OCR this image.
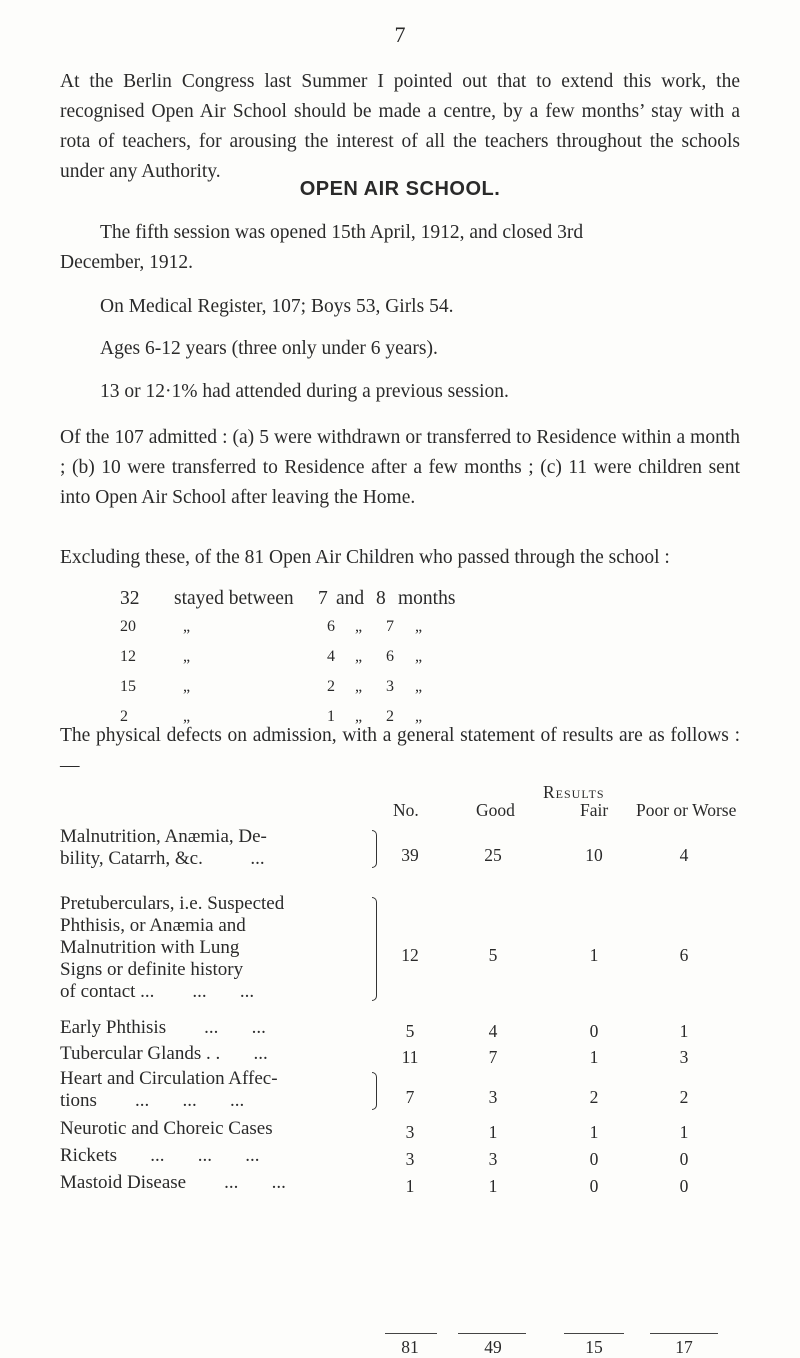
7
At the Berlin Congress last Summer I pointed out that to extend this work, the recognised Open Air School should be made a centre, by a few months’ stay with a rota of teachers, for arousing the interest of all the teachers throughout the schools under any Authority.
OPEN AIR SCHOOL.
The fifth session was opened 15th April, 1912, and closed 3rd
December, 1912.
On Medical Register, 107; Boys 53, Girls 54.
Ages 6-12 years (three only under 6 years).
13 or 12·1% had attended during a previous session.
Of the 107 admitted : (a) 5 were withdrawn or transferred to Residence within a month ; (b) 10 were transferred to Residence after a few months ; (c) 11 were children sent into Open Air School after leaving the Home.
Excluding these, of the 81 Open Air Children who passed through the school :
32 stayed between 7 and 8 months
20	„	6 „ 7 „
12	„	4 „ 6 „
15	„	2 „ 3 „
2	„	1 „ 2 „
The physical defects on admission, with a general statement of results are as follows :—
Results
No.	Good	Fair Poor or Worse
Malnutrition, Anæmia, De-
bility, Catarrh, &c.          ...	39	25	10	4
Pretuberculars, i.e. Suspected
Phthisis, or Anæmia and
Malnutrition with Lung
Signs or definite history
of contact ...        ...       ...
12	5	1	6
Early Phthisis        ...       ...	5	4	0	1
Tubercular Glands . .       ...	11	7	1	3
Heart and Circulation Affec-
tions        ...       ...       ...	7	3	2	2
Neurotic and Choreic Cases	3	1	1	1
Rickets       ...       ...       ...	3	3	0	0
Mastoid Disease        ...       ...	1	1	0	0
81	49	15	17
